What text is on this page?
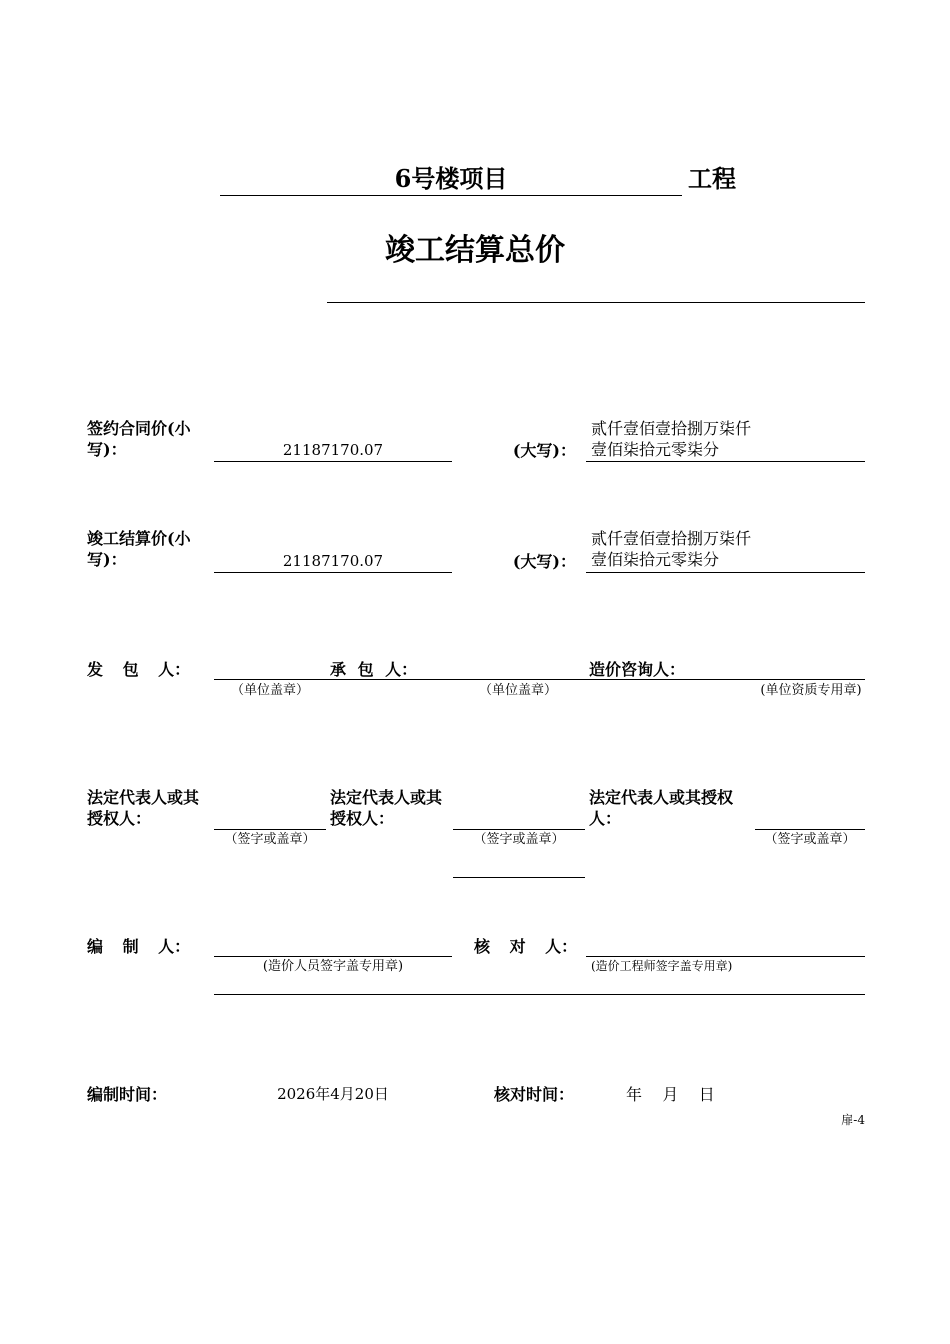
6号楼项目	工程
竣工结算总价
签约合同价(小写)：	21187170.07	(大写)：
贰仟壹佰壹拾捌万柒仟壹佰柒拾元零柒分
竣工结算价(小写)：	21187170.07	(大写)：
贰仟壹佰壹拾捌万柒仟壹佰柒拾元零柒分
发 包 人：	承 包 人：	造价咨询人：
（单位盖章）	（单位盖章）	(单位资质专用章)
法定代表人或其授权人：
（签字或盖章）
法定代表人或其授权人：
（签字或盖章）
法定代表人或其授权人：
（签字或盖章）
编 制 人：
(造价人员签字盖专用章)
核 对 人：
(造价工程师签字盖专用章)
编制时间：	2026年4月20日	核对时间：	年    月    日
扉-4
